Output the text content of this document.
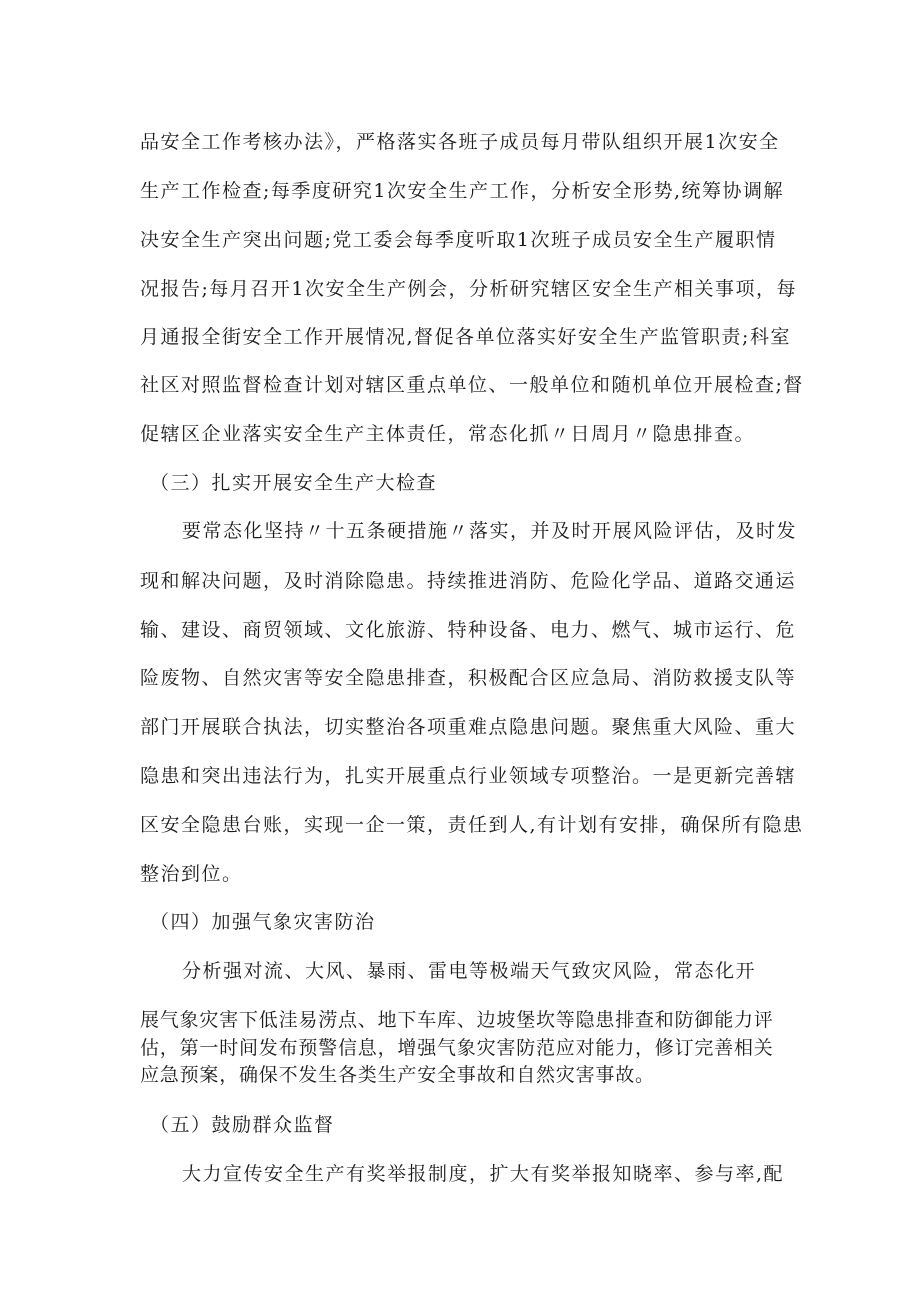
品安全工作考核办法》，严格落实各班子成员每月带队组织开展1次安全
生产工作检查;每季度研究1次安全生产工作，分析安全形势,统筹协调解
决安全生产突出问题;党工委会每季度听取1次班子成员安全生产履职情
况报告;每月召开1次安全生产例会，分析研究辖区安全生产相关事项，每
月通报全街安全工作开展情况,督促各单位落实好安全生产监管职责;科室
社区对照监督检查计划对辖区重点单位、一般单位和随机单位开展检查;督
促辖区企业落实安全生产主体责任，常态化抓〃日周月〃隐患排查。
（三）扎实开展安全生产大检查
要常态化坚持〃十五条硬措施〃落实，并及时开展风险评估，及时发
现和解决问题，及时消除隐患。持续推进消防、危险化学品、道路交通运
输、建设、商贸领域、文化旅游、特种设备、电力、燃气、城市运行、危
险废物、自然灾害等安全隐患排查，积极配合区应急局、消防救援支队等
部门开展联合执法，切实整治各项重难点隐患问题。聚焦重大风险、重大
隐患和突出违法行为，扎实开展重点行业领域专项整治。一是更新完善辖
区安全隐患台账，实现一企一策，责任到人,有计划有安排，确保所有隐患
整治到位。
（四）加强气象灾害防治
分析强对流、大风、暴雨、雷电等极端天气致灾风险，常态化开
展气象灾害下低洼易涝点、地下车库、边坡堡坎等隐患排查和防御能力评
估，第一时间发布预警信息，增强气象灾害防范应对能力，修订完善相关
应急预案，确保不发生各类生产安全事故和自然灾害事故。
（五）鼓励群众监督
大力宣传安全生产有奖举报制度，扩大有奖举报知晓率、参与率,配
